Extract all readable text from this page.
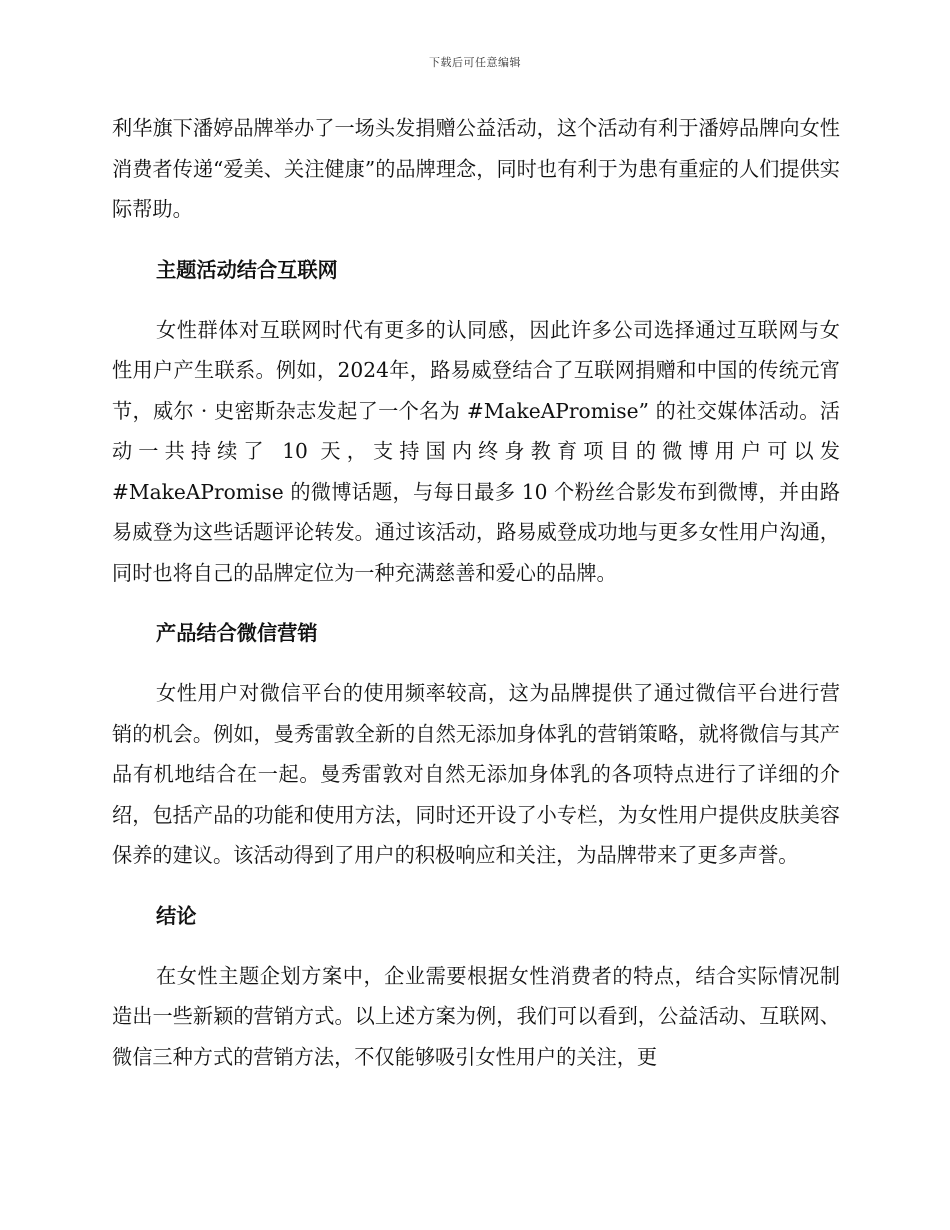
下载后可任意编辑

利华旗下潘婷品牌举办了一场头发捐赠公益活动，这个活动有利于潘婷品牌向女性消费者传递“爱美、关注健康”的品牌理念，同时也有利于为患有重症的人们提供实际帮助。

主题活动结合互联网

女性群体对互联网时代有更多的认同感，因此许多公司选择通过互联网与女性用户产生联系。例如，2024年，路易威登结合了互联网捐赠和中国的传统元宵节，威尔 · 史密斯杂志发起了一个名为 #MakeAPromise” 的社交媒体活动。活动一共持续了 10 天，支持国内终身教育项目的微博用户可以发 #MakeAPromise 的微博话题，与每日最多 10 个粉丝合影发布到微博，并由路易威登为这些话题评论转发。通过该活动，路易威登成功地与更多女性用户沟通，同时也将自己的品牌定位为一种充满慈善和爱心的品牌。

产品结合微信营销

女性用户对微信平台的使用频率较高，这为品牌提供了通过微信平台进行营销的机会。例如，曼秀雷敦全新的自然无添加身体乳的营销策略，就将微信与其产品有机地结合在一起。曼秀雷敦对自然无添加身体乳的各项特点进行了详细的介绍，包括产品的功能和使用方法，同时还开设了小专栏，为女性用户提供皮肤美容保养的建议。该活动得到了用户的积极响应和关注，为品牌带来了更多声誉。

结论

在女性主题企划方案中，企业需要根据女性消费者的特点，结合实际情况制造出一些新颖的营销方式。以上述方案为例，我们可以看到，公益活动、互联网、微信三种方式的营销方法，不仅能够吸引女性用户的关注，更
